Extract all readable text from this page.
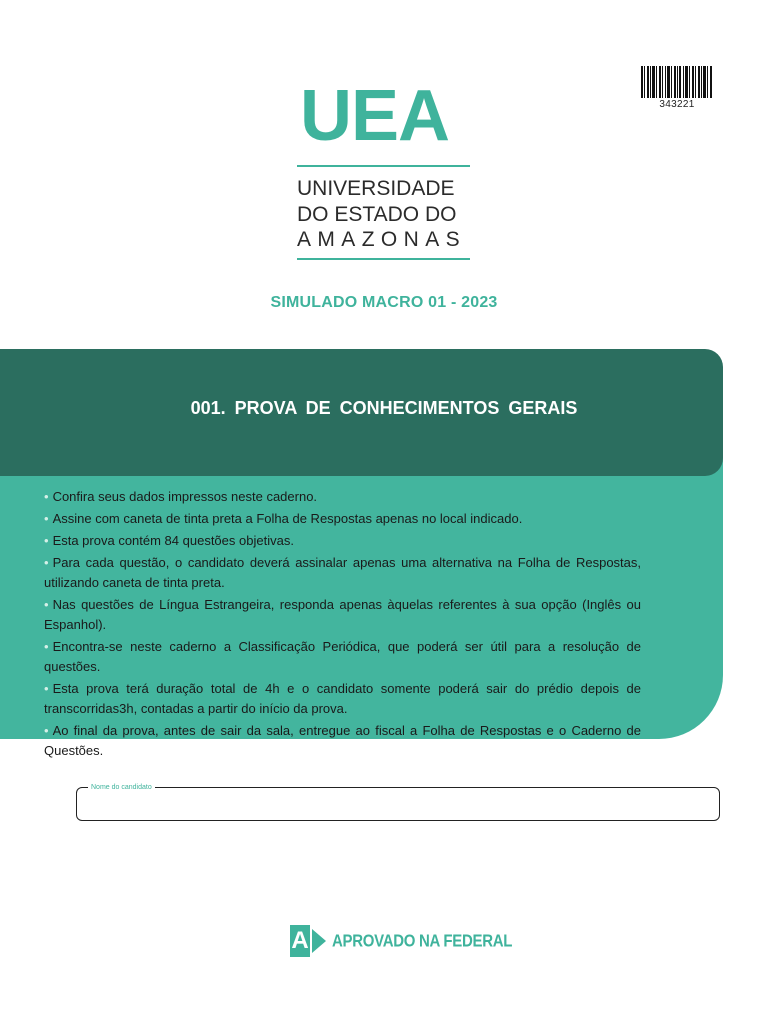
343221
UEA
UNIVERSIDADE
DO ESTADO DO
AMAZONAS
SIMULADO MACRO 01 - 2023
001. PROVA DE CONHECIMENTOS GERAIS
• Confira seus dados impressos neste caderno.
• Assine com caneta de tinta preta a Folha de Respostas apenas no local indicado.
• Esta prova contém 84 questões objetivas.
• Para cada questão, o candidato deverá assinalar apenas uma alternativa na Folha de Respostas, utilizando caneta de tinta preta.
• Nas questões de Língua Estrangeira, responda apenas àquelas referentes à sua opção (Inglês ou Espanhol).
• Encontra-se neste caderno a Classificação Periódica, que poderá ser útil para a resolução de questões.
• Esta prova terá duração total de 4h e o candidato somente poderá sair do prédio depois de transcorridas3h, contadas a partir do início da prova.
• Ao final da prova, antes de sair da sala, entregue ao fiscal a Folha de Respostas e o Caderno de Questões.
Nome do candidato
A APROVADO NA FEDERAL
